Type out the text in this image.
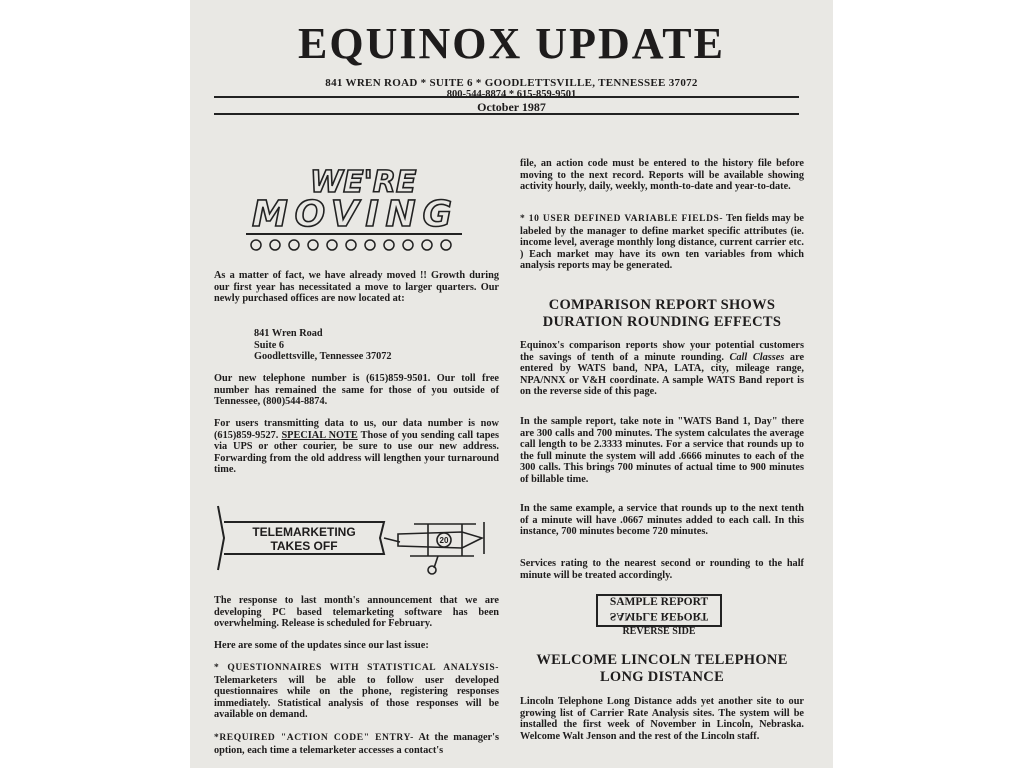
EQUINOX UPDATE
841 WREN ROAD * SUITE 6 * GOODLETTSVILLE, TENNESSEE 37072
800-544-8874 * 615-859-9501
October 1987
WE'RE
MOVING
As a matter of fact, we have already moved !! Growth during our first year has necessitated a move to larger quarters. Our newly purchased offices are now located at:
841 Wren Road
Suite 6
Goodlettsville, Tennessee 37072
Our new telephone number is (615)859-9501. Our toll free number has remained the same for those of you outside of Tennessee, (800)544-8874.
For users transmitting data to us, our data number is now (615)859-9527. SPECIAL NOTE Those of you sending call tapes via UPS or other courier, be sure to use our new address. Forwarding from the old address will lengthen your turnaround time.
TELEMARKETING
TAKES OFF	20
The response to last month's announcement that we are developing PC based telemarketing software has been overwhelming. Release is scheduled for February.
Here are some of the updates since our last issue:
* QUESTIONNAIRES WITH STATISTICAL ANALYSIS- Telemarketers will be able to follow user developed questionnaires while on the phone, registering responses immediately. Statistical analysis of those responses will be available on demand.
*REQUIRED "ACTION CODE" ENTRY- At the manager's option, each time a telemarketer accesses a contact's
file, an action code must be entered to the history file before moving to the next record. Reports will be available showing activity hourly, daily, weekly, month-to-date and year-to-date.
* 10 USER DEFINED VARIABLE FIELDS- Ten fields may be labeled by the manager to define market specific attributes (ie. income level, average monthly long distance, current carrier etc. ) Each market may have its own ten variables from which analysis reports may be generated.
COMPARISON REPORT SHOWS
DURATION ROUNDING EFFECTS
Equinox's comparison reports show your potential customers the savings of tenth of a minute rounding. Call Classes are entered by WATS band, NPA, LATA, city, mileage range, NPA/NNX or V&H coordinate. A sample WATS Band report is on the reverse side of this page.
In the sample report, take note in "WATS Band 1, Day" there are 300 calls and 700 minutes. The system calculates the average call length to be 2.3333 minutes. For a service that rounds up to the full minute the system will add .6666 minutes to each of the 300 calls. This brings 700 minutes of actual time to 900 minutes of billable time.
In the same example, a service that rounds up to the next tenth of a minute will have .0667 minutes added to each call. In this instance, 700 minutes become 720 minutes.
Services rating to the nearest second or rounding to the half minute will be treated accordingly.
SAMPLE REPORT
SAMPLE REPORT
REVERSE SIDE
WELCOME LINCOLN TELEPHONE
LONG DISTANCE
Lincoln Telephone Long Distance adds yet another site to our growing list of Carrier Rate Analysis sites. The system will be installed the first week of November in Lincoln, Nebraska. Welcome Walt Jenson and the rest of the Lincoln staff.
